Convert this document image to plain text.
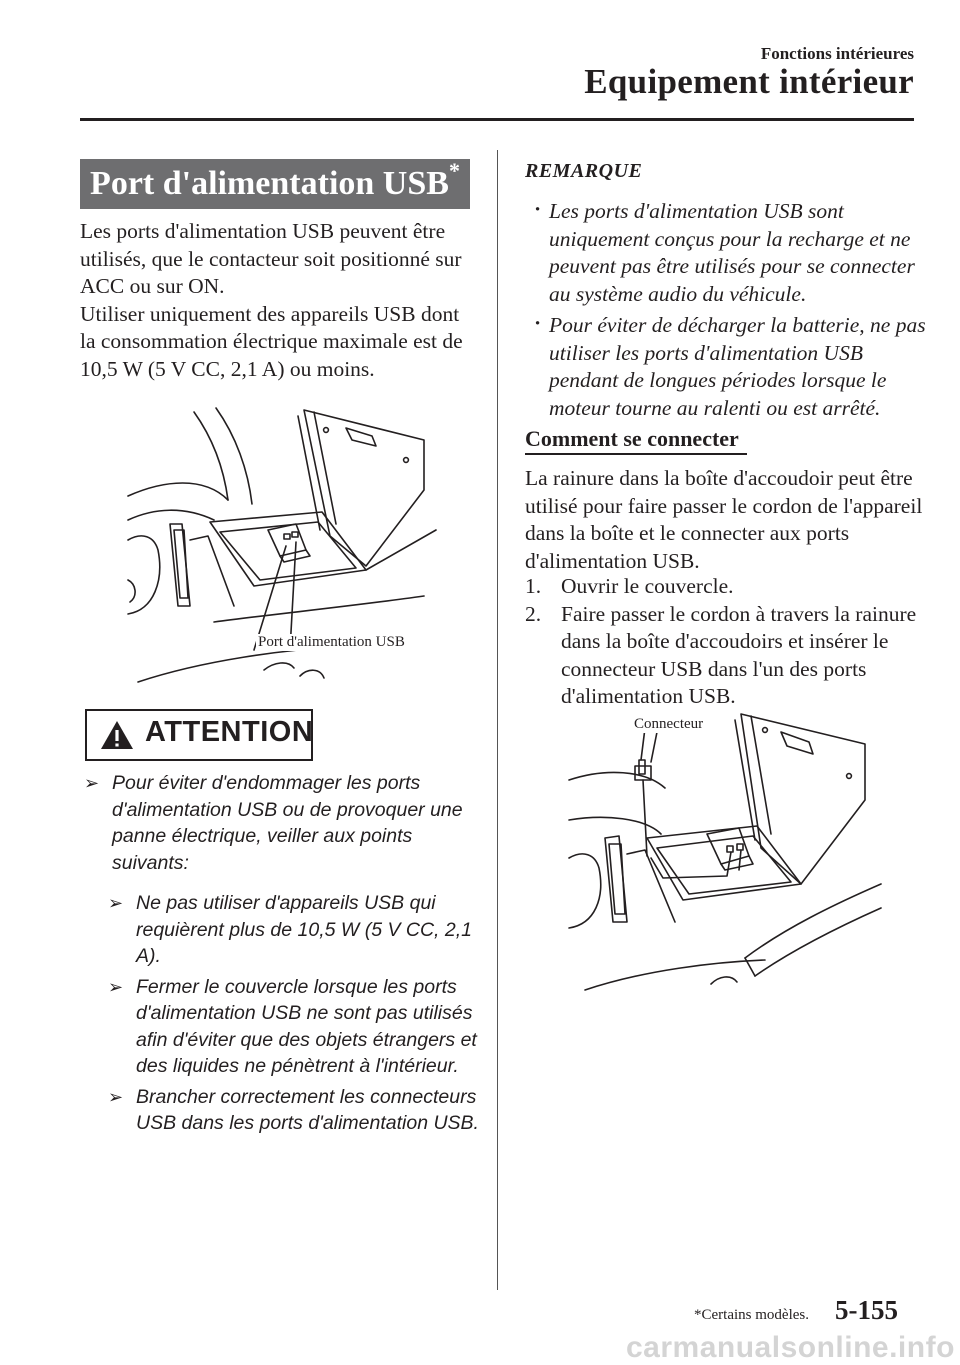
Fonctions intérieures
Equipement intérieur
Port d'alimentation USB*

Les ports d'alimentation USB peuvent être utilisés, que le contacteur soit positionné sur ACC ou sur ON.

Utiliser uniquement des appareils USB dont la consommation électrique maximale est de 10,5 W (5 V CC, 2,1 A) ou moins.

Port d'alimentation USB
ATTENTION

➢ Pour éviter d'endommager les ports d'alimentation USB ou de provoquer une panne électrique, veiller aux points suivants:

➢ Ne pas utiliser d'appareils USB qui requièrent plus de 10,5 W (5 V CC, 2,1 A).

➢ Fermer le couvercle lorsque les ports d'alimentation USB ne sont pas utilisés afin d'éviter que des objets étrangers et des liquides ne pénètrent à l'intérieur.

➢ Brancher correctement les connecteurs USB dans les ports d'alimentation USB.

REMARQUE

· Les ports d'alimentation USB sont uniquement conçus pour la recharge et ne peuvent pas être utilisés pour se connecter au système audio du véhicule.

· Pour éviter de décharger la batterie, ne pas utiliser les ports d'alimentation USB pendant de longues périodes lorsque le moteur tourne au ralenti ou est arrêté.

Comment se connecter

La rainure dans la boîte d'accoudoir peut être utilisé pour faire passer le cordon de l'appareil dans la boîte et le connecter aux ports d'alimentation USB.

1. Ouvrir le couvercle.

2. Faire passer le cordon à travers la rainure dans la boîte d'accoudoirs et insérer le connecteur USB dans l'un des ports d'alimentation USB.

Connecteur
*Certains modèles. 5-155
carmanualsonline.info
